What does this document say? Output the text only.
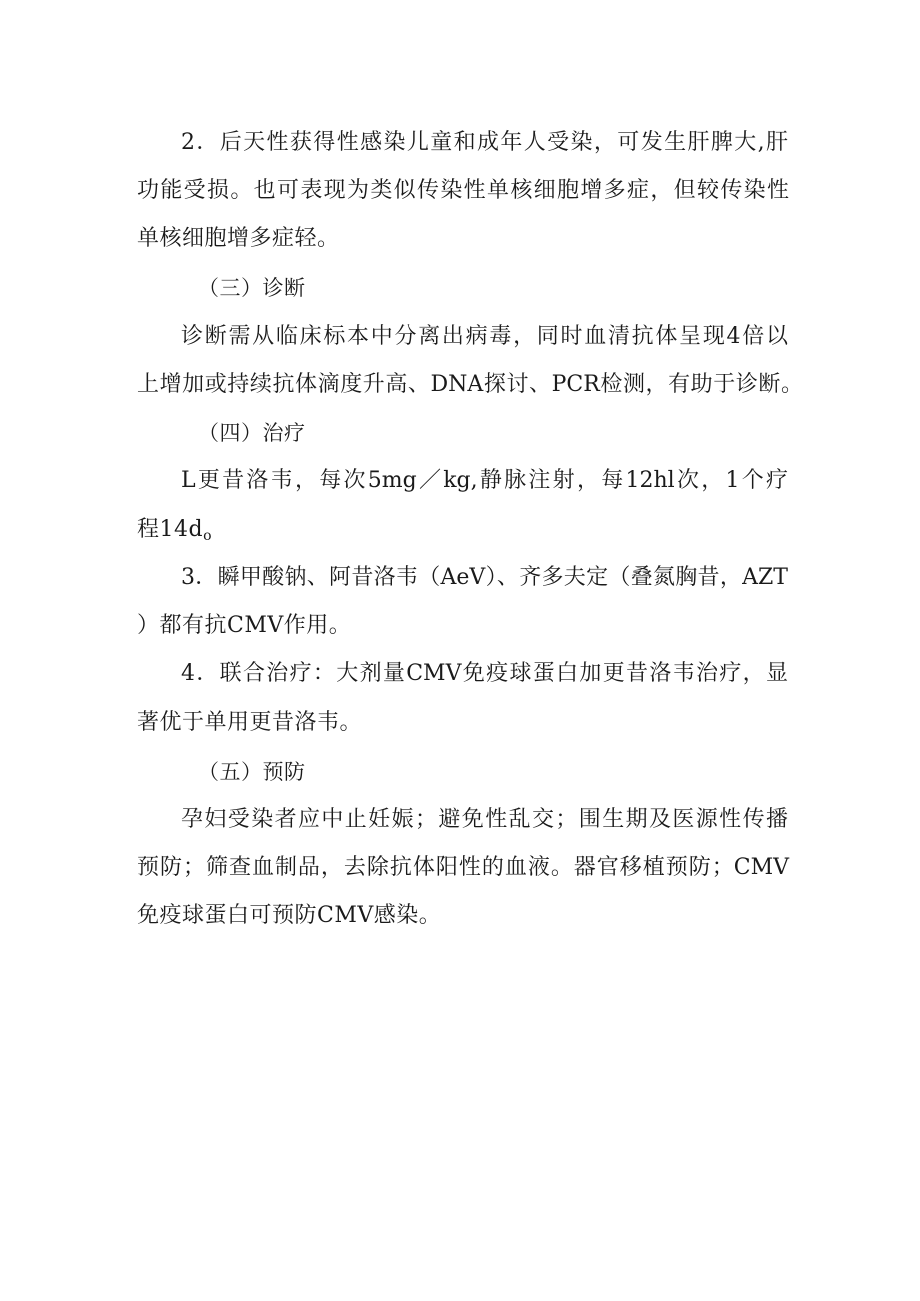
2．后天性获得性感染儿童和成年人受染，可发生肝脾大,肝
功能受损。也可表现为类似传染性单核细胞增多症，但较传染性
单核细胞增多症轻。
（三）诊断
诊断需从临床标本中分离出病毒，同时血清抗体呈现4倍以
上增加或持续抗体滴度升高、DNA探讨、PCR检测，有助于诊断。
（四）治疗
L更昔洛韦，每次5mg／kg,静脉注射，每12hl次，1个疗
程$14d_o$
3．瞬甲酸钠、阿昔洛韦（AeV）、齐多夫定（叠氮胸昔，AZT
）都有抗CMV作用。
4．联合治疗：大剂量CMV免疫球蛋白加更昔洛韦治疗，显
著优于单用更昔洛韦。
（五）预防
孕妇受染者应中止妊娠；避免性乱交；围生期及医源性传播
预防；筛查血制品，去除抗体阳性的血液。器官移植预防；CMV
免疫球蛋白可预防CMV感染。
